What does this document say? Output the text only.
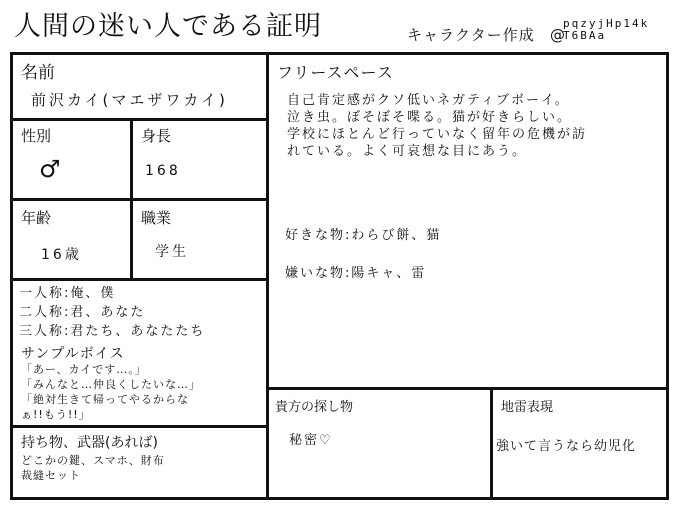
人間の迷い人である証明	キャラクター作成 @
pqzyjHp14k
T6BAa
名前
前沢カイ(マエザワカイ)
性別
♂
身長
168
年齢
16歳
職業
学生
一人称:俺、僕
二人称:君、あなた
三人称:君たち、あなたたち
サンプルボイス
「あー、カイです…。」
「みんなと…仲良くしたいな…」
「絶対生きて帰ってやるからな
ぁ!!もう!!」
持ち物、武器(あれば)
どこかの鍵、スマホ、財布
裁縫セット
フリースペース
自己肯定感がクソ低いネガティブボーイ。
泣き虫。ぼそぼそ喋る。猫が好きらしい。
学校にほとんど行っていなく留年の危機が訪
れている。よく可哀想な目にあう。
好きな物:わらび餅、猫
嫌いな物:陽キャ、雷
貴方の探し物
秘密♡
地雷表現
強いて言うなら幼児化
